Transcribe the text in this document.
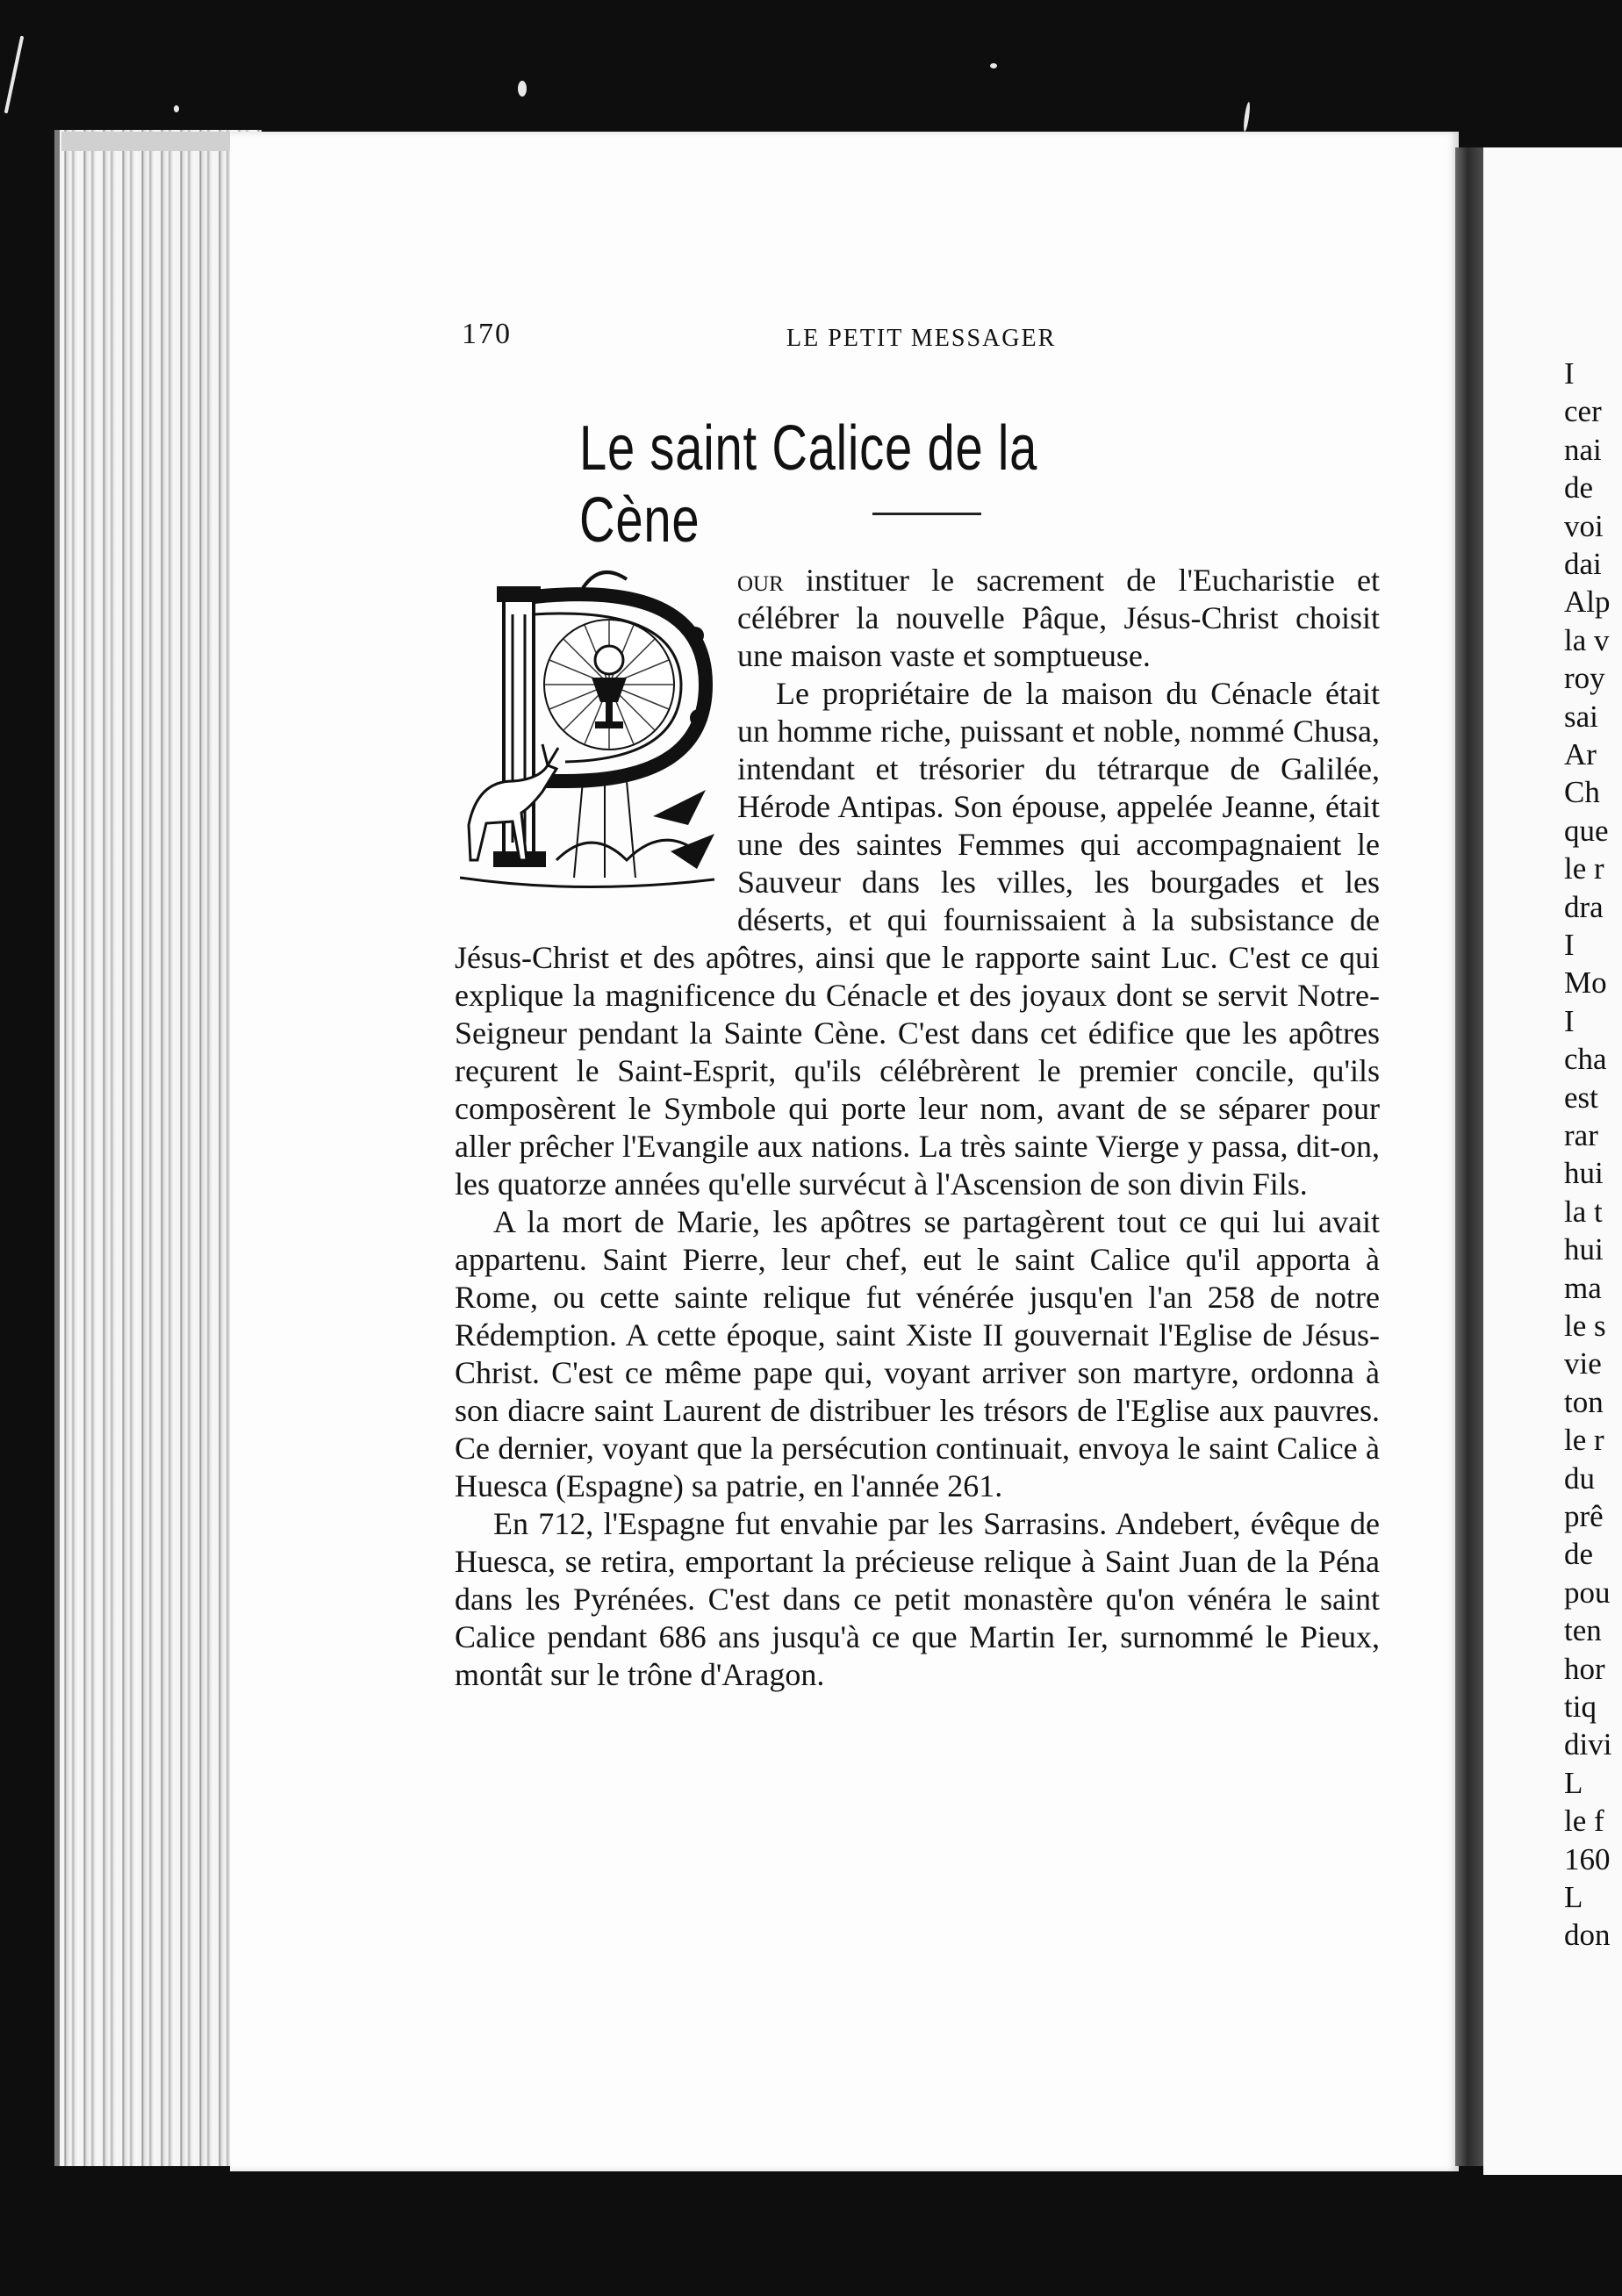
I
cer
nai
de
voi
dai
Alp
la v
roy
sai
Ar
Ch
que
le r
dra
I
Mo
I
cha
est
rar
hui
la t
hui
ma
le s
vie
ton
le r
du
prê
de
pou
ten
hor
tiq
divi
L
le f
160
L
don
170	LE PETIT MESSAGER
Le saint Calice de la Cène

our instituer le sacrement de l'Eucharistie et célébrer la nouvelle Pâque, Jésus-Christ choisit une maison vaste et somptueuse.

Le propriétaire de la maison du Cénacle était un homme riche, puissant et noble, nommé Chusa, intendant et trésorier du tétrarque de Galilée, Hérode Antipas. Son épouse, appelée Jeanne, était une des saintes Femmes qui accompagnaient le Sauveur dans les villes, les bourgades et les déserts, et qui fournissaient à la subsistance de Jésus-Christ et des apôtres, ainsi que le rapporte saint Luc. C'est ce qui explique la magnificence du Cénacle et des joyaux dont se servit Notre-Seigneur pendant la Sainte Cène. C'est dans cet édifice que les apôtres reçurent le Saint-Esprit, qu'ils célébrèrent le premier concile, qu'ils composèrent le Symbole qui porte leur nom, avant de se séparer pour aller prêcher l'Evangile aux nations. La très sainte Vierge y passa, dit-on, les quatorze années qu'elle survécut à l'Ascension de son divin Fils.

A la mort de Marie, les apôtres se partagèrent tout ce qui lui avait appartenu. Saint Pierre, leur chef, eut le saint Calice qu'il apporta à Rome, ou cette sainte relique fut vénérée jusqu'en l'an 258 de notre Rédemption. A cette époque, saint Xiste II gouvernait l'Eglise de Jésus-Christ. C'est ce même pape qui, voyant arriver son martyre, ordonna à son diacre saint Laurent de distribuer les trésors de l'Eglise aux pauvres. Ce dernier, voyant que la persécution continuait, envoya le saint Calice à Huesca (Espagne) sa patrie, en l'année 261.

En 712, l'Espagne fut envahie par les Sarrasins. Andebert, évêque de Huesca, se retira, emportant la précieuse relique à Saint Juan de la Péna dans les Pyrénées. C'est dans ce petit monastère qu'on vénéra le saint Calice pendant 686 ans jusqu'à ce que Martin Ier, surnommé le Pieux, montât sur le trône d'Aragon.
